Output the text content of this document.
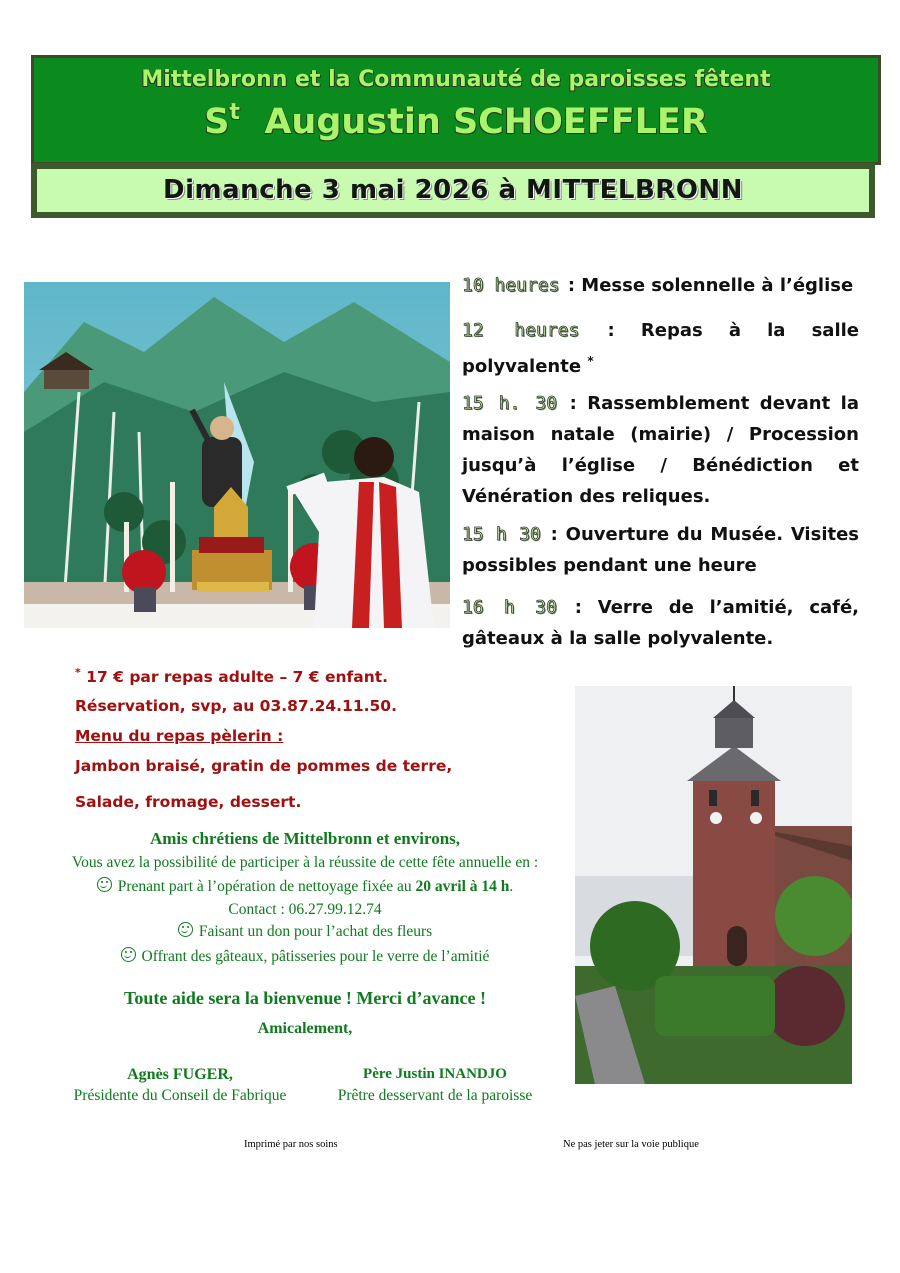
Mittelbronn et la Communauté de paroisses fêtent
$S^t$ Augustin SCHOEFFLER
Dimanche 3 mai 2026 à MITTELBRONN
10 heures : Messe solennelle à l’église
12 heures : Repas à la salle polyvalente *
15 h. 30 : Rassemblement devant la maison natale (mairie) / Procession jusqu’à l’église / Bénédiction et Vénération des reliques.
15 h 30 : Ouverture du Musée. Visites possibles pendant une heure
16 h 30 : Verre de l’amitié, café, gâteaux à la salle polyvalente.
* 17 € par repas adulte – 7 € enfant.
Réservation, svp, au 03.87.24.11.50.
Menu du repas pèlerin :
Jambon braisé, gratin de pommes de terre,
Salade, fromage, dessert.
Amis chrétiens de Mittelbronn et environs,
Vous avez la possibilité de participer à la réussite de cette fête annuelle en :
Prenant part à l’opération de nettoyage fixée au 20 avril à 14 h.
Contact : 06.27.99.12.74
Faisant un don pour l’achat des fleurs
Offrant des gâteaux, pâtisseries pour le verre de l’amitié
Toute aide sera la bienvenue ! Merci d’avance !
Amicalement,
Agnès FUGER,
Présidente du Conseil de Fabrique
Père Justin INANDJO
Prêtre desservant de la paroisse
Imprimé par nos soins	Ne pas jeter sur la voie publique
